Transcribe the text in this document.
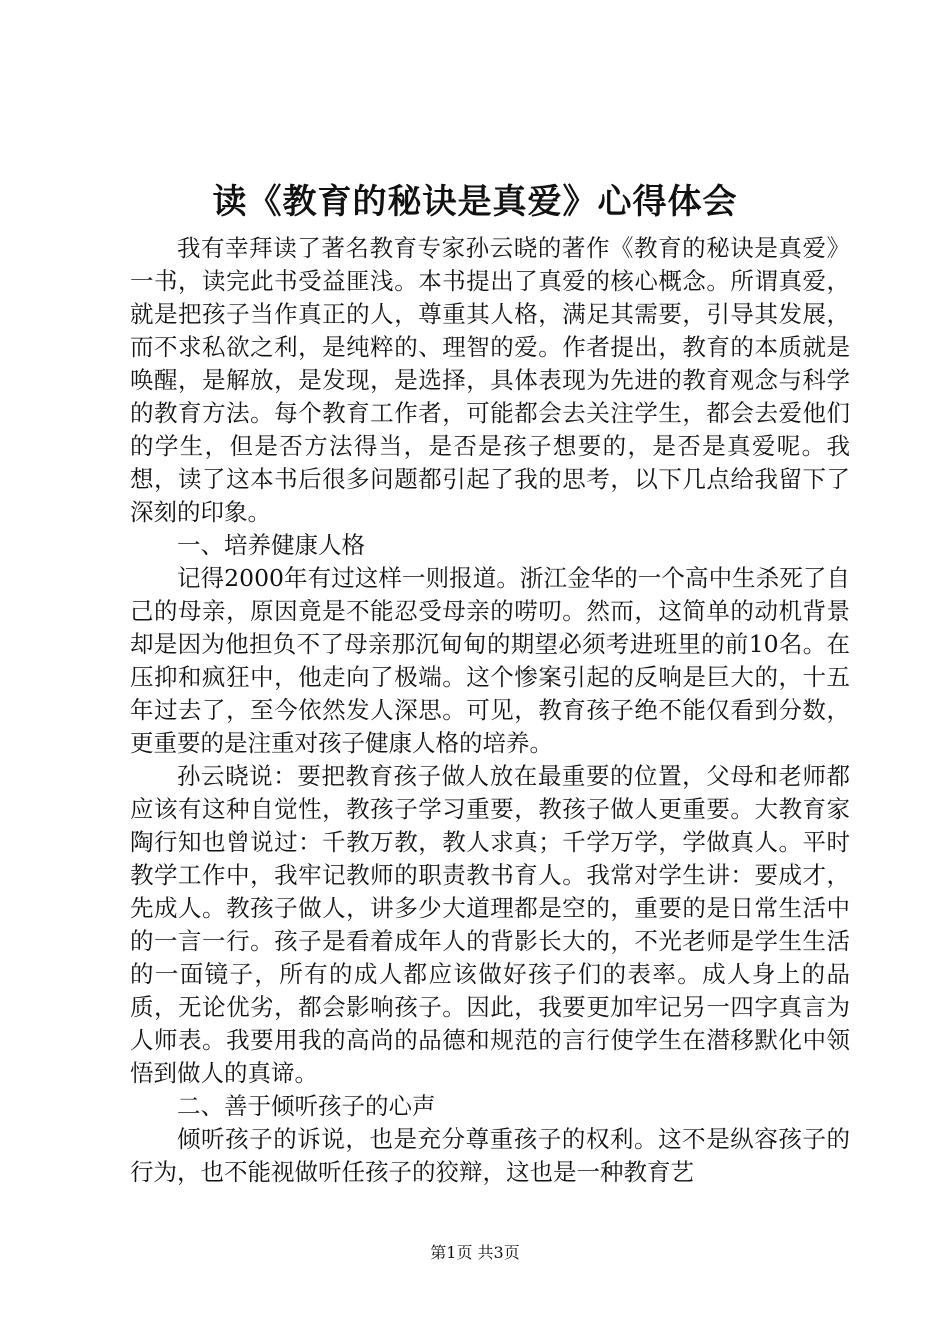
读《教育的秘诀是真爱》心得体会

我有幸拜读了著名教育专家孙云晓的著作《教育的秘诀是真爱》一书，读完此书受益匪浅。本书提出了真爱的核心概念。所谓真爱，就是把孩子当作真正的人，尊重其人格，满足其需要，引导其发展，而不求私欲之利，是纯粹的、理智的爱。作者提出，教育的本质就是唤醒，是解放，是发现，是选择，具体表现为先进的教育观念与科学的教育方法。每个教育工作者，可能都会去关注学生，都会去爱他们的学生，但是否方法得当，是否是孩子想要的，是否是真爱呢。我想，读了这本书后很多问题都引起了我的思考，以下几点给我留下了深刻的印象。

一、培养健康人格

记得2000年有过这样一则报道。浙江金华的一个高中生杀死了自己的母亲，原因竟是不能忍受母亲的唠叨。然而，这简单的动机背景却是因为他担负不了母亲那沉甸甸的期望必须考进班里的前10名。在压抑和疯狂中，他走向了极端。这个惨案引起的反响是巨大的，十五年过去了，至今依然发人深思。可见，教育孩子绝不能仅看到分数，更重要的是注重对孩子健康人格的培养。

孙云晓说：要把教育孩子做人放在最重要的位置，父母和老师都应该有这种自觉性，教孩子学习重要，教孩子做人更重要。大教育家陶行知也曾说过：千教万教，教人求真；千学万学，学做真人。平时教学工作中，我牢记教师的职责教书育人。我常对学生讲：要成才，先成人。教孩子做人，讲多少大道理都是空的，重要的是日常生活中的一言一行。孩子是看着成年人的背影长大的，不光老师是学生生活的一面镜子，所有的成人都应该做好孩子们的表率。成人身上的品质，无论优劣，都会影响孩子。因此，我要更加牢记另一四字真言为人师表。我要用我的高尚的品德和规范的言行使学生在潜移默化中领悟到做人的真谛。

二、善于倾听孩子的心声

倾听孩子的诉说，也是充分尊重孩子的权利。这不是纵容孩子的行为，也不能视做听任孩子的狡辩，这也是一种教育艺

第1页 共3页
